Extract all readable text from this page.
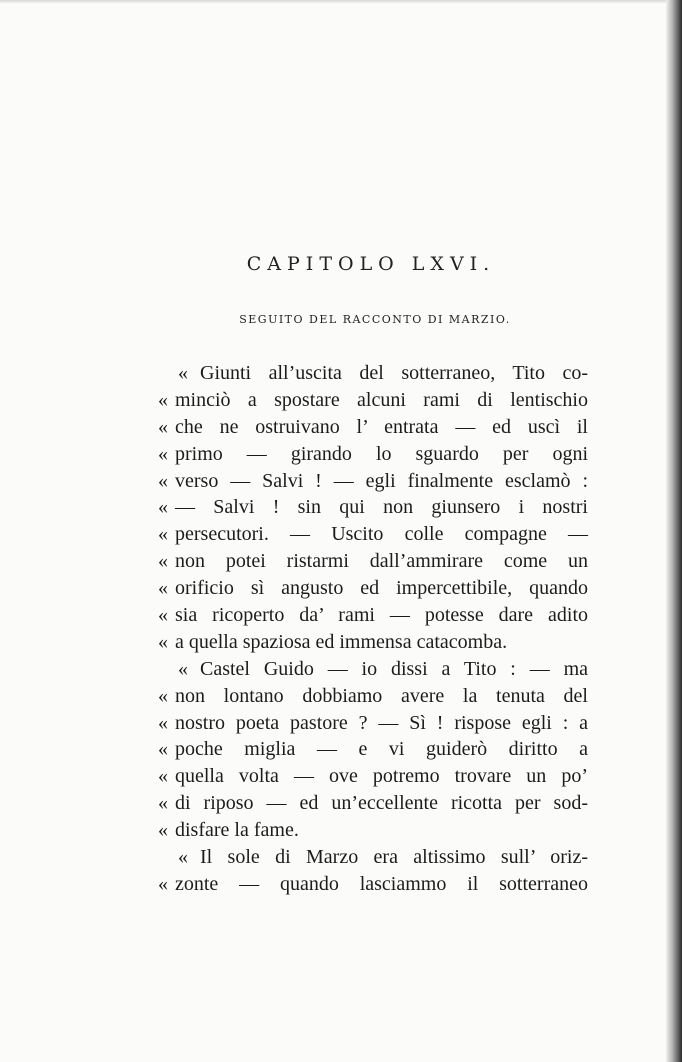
CAPITOLO LXVI.
SEGUITO DEL RACCONTO DI MARZIO.
« Giunti all’uscita del sotterraneo, Tito co-
« minciò a spostare alcuni rami di lentischio
« che ne ostruivano l’ entrata — ed uscì il
« primo — girando lo sguardo per ogni
« verso — Salvi ! — egli finalmente esclamò :
« — Salvi ! sin qui non giunsero i nostri
« persecutori. — Uscito colle compagne —
« non potei ristarmi dall’ammirare come un
« orificio sì angusto ed impercettibile, quando
« sia ricoperto da’ rami — potesse dare adito
« a quella spaziosa ed immensa catacomba.
« Castel Guido — io dissi a Tito : — ma
« non lontano dobbiamo avere la tenuta del
« nostro poeta pastore ? — Sì ! rispose egli : a
« poche miglia — e vi guiderò diritto a
« quella volta — ove potremo trovare un po’
« di riposo — ed un’eccellente ricotta per sod-
« disfare la fame.
« Il sole di Marzo era altissimo sull’ oriz-
« zonte — quando lasciammo il sotterraneo
